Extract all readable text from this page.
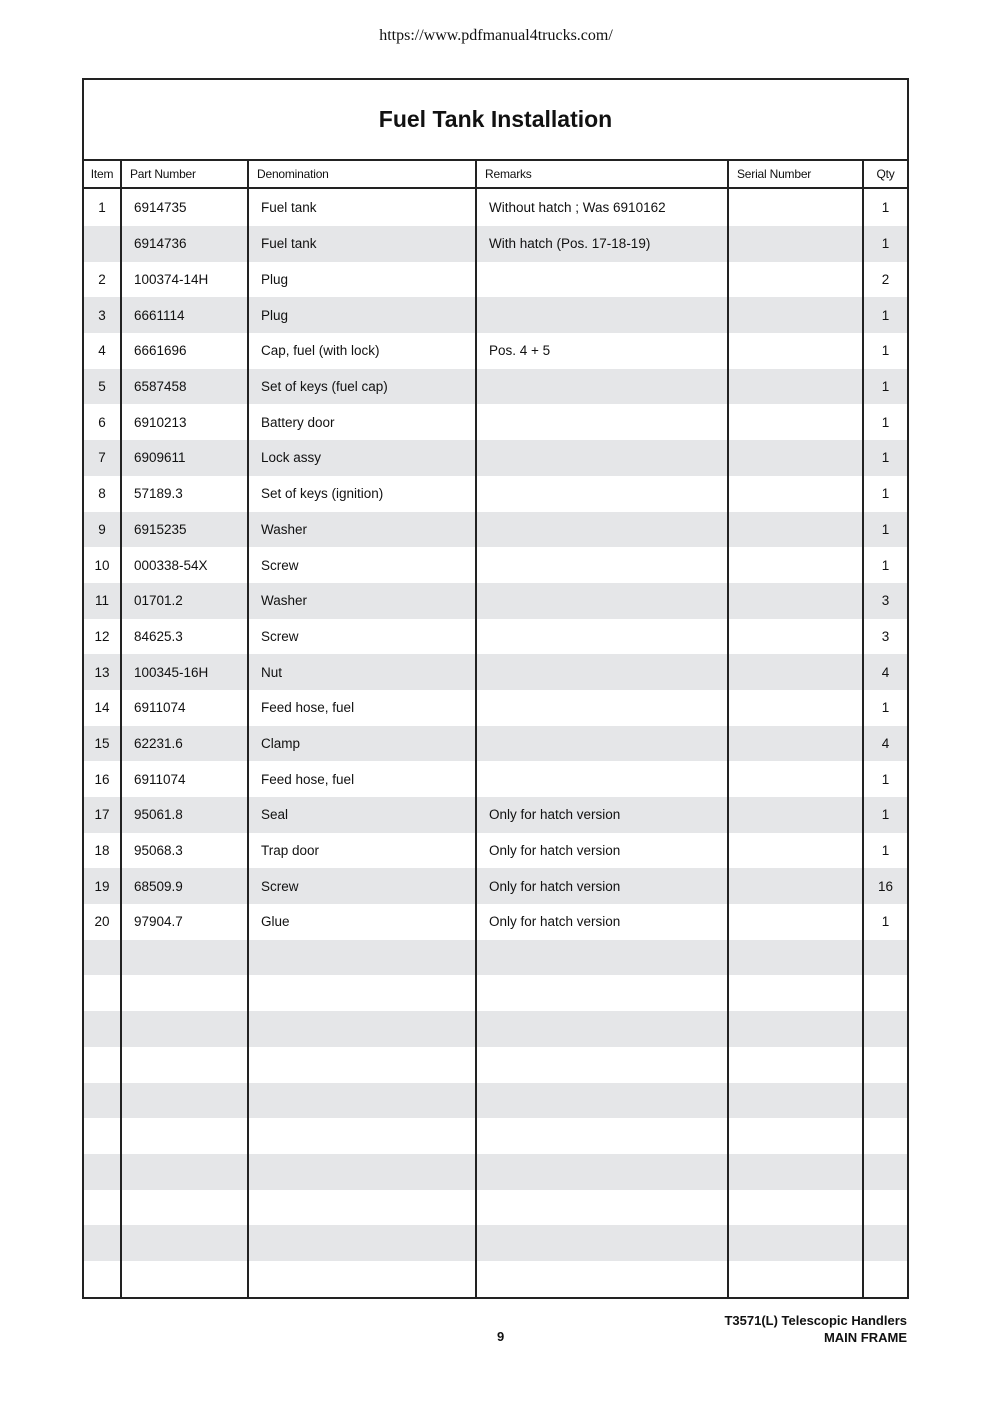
https://www.pdfmanual4trucks.com/
Fuel Tank Installation
Item	Part Number	Denomination	Remarks	Serial Number	Qty
1	6914735	Fuel tank	Without hatch ; Was 6910162		1
	6914736	Fuel tank	With hatch (Pos. 17-18-19)		1
2	100374-14H	Plug			2
3	6661114	Plug			1
4	6661696	Cap, fuel (with lock)	Pos. 4 + 5		1
5	6587458	Set of keys (fuel cap)			1
6	6910213	Battery door			1
7	6909611	Lock assy			1
8	57189.3	Set of keys (ignition)			1
9	6915235	Washer			1
10	000338-54X	Screw			1
11	01701.2	Washer			3
12	84625.3	Screw			3
13	100345-16H	Nut			4
14	6911074	Feed hose, fuel			1
15	62231.6	Clamp			4
16	6911074	Feed hose, fuel			1
17	95061.8	Seal	Only for hatch version		1
18	95068.3	Trap door	Only for hatch version		1
19	68509.9	Screw	Only for hatch version		16
20	97904.7	Glue	Only for hatch version		1

T3571(L) Telescopic Handlers
MAIN FRAME
9
